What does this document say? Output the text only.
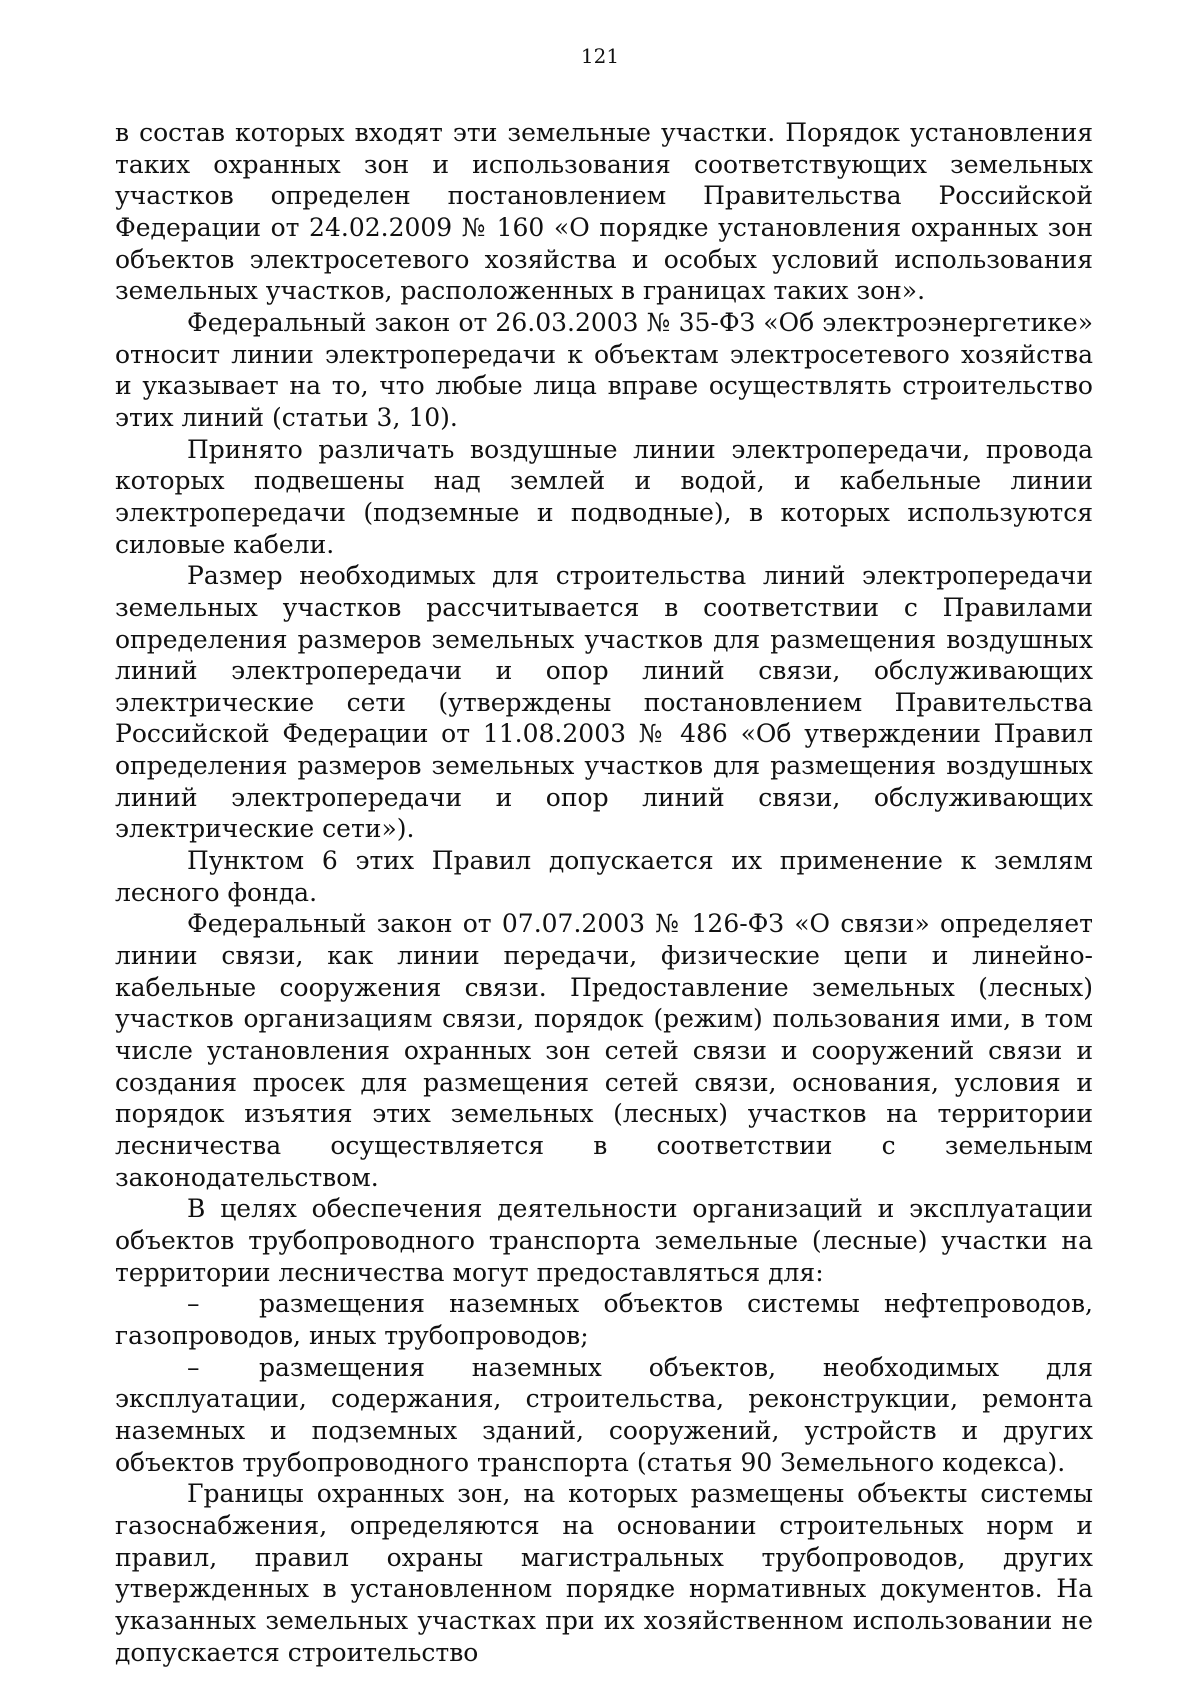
121

в состав которых входят эти земельные участки. Порядок установления таких охранных зон и использования соответствующих земельных участков определен постановлением Правительства Российской Федерации от 24.02.2009 № 160 «О порядке установления охранных зон объектов электросетевого хозяйства и особых условий использования земельных участков, расположенных в границах таких зон».

Федеральный закон от 26.03.2003 № 35-ФЗ «Об электроэнергетике» относит линии электропередачи к объектам электросетевого хозяйства и указывает на то, что любые лица вправе осуществлять строительство этих линий (статьи 3, 10).

Принято различать воздушные линии электропередачи, провода которых подвешены над землей и водой, и кабельные линии электропередачи (подземные и подводные), в которых используются силовые кабели.

Размер необходимых для строительства линий электропередачи земельных участков рассчитывается в соответствии с Правилами определения размеров земельных участков для размещения воздушных линий электропередачи и опор линий связи, обслуживающих электрические сети (утверждены постановлением Правительства Российской Федерации от 11.08.2003 № 486 «Об утверждении Правил определения размеров земельных участков для размещения воздушных линий электропередачи и опор линий связи, обслуживающих электрические сети»).

Пунктом 6 этих Правил допускается их применение к землям лесного фонда.

Федеральный закон от 07.07.2003 № 126-ФЗ «О связи» определяет линии связи, как линии передачи, физические цепи и линейно-кабельные сооружения связи. Предоставление земельных (лесных) участков организациям связи, порядок (режим) пользования ими, в том числе установления охранных зон сетей связи и сооружений связи и создания просек для размещения сетей связи, основания, условия и порядок изъятия этих земельных (лесных) участков на территории лесничества осуществляется в соответствии с земельным законодательством.

В целях обеспечения деятельности организаций и эксплуатации объектов трубопроводного транспорта земельные (лесные) участки на территории лесничества могут предоставляться для:

– размещения наземных объектов системы нефтепроводов, газопроводов, иных трубопроводов;

– размещения наземных объектов, необходимых для эксплуатации, содержания, строительства, реконструкции, ремонта наземных и подземных зданий, сооружений, устройств и других объектов трубопроводного транспорта (статья 90 Земельного кодекса).

Границы охранных зон, на которых размещены объекты системы газоснабжения, определяются на основании строительных норм и правил, правил охраны магистральных трубопроводов, других утвержденных в установленном порядке нормативных документов. На указанных земельных участках при их хозяйственном использовании не допускается строительство
